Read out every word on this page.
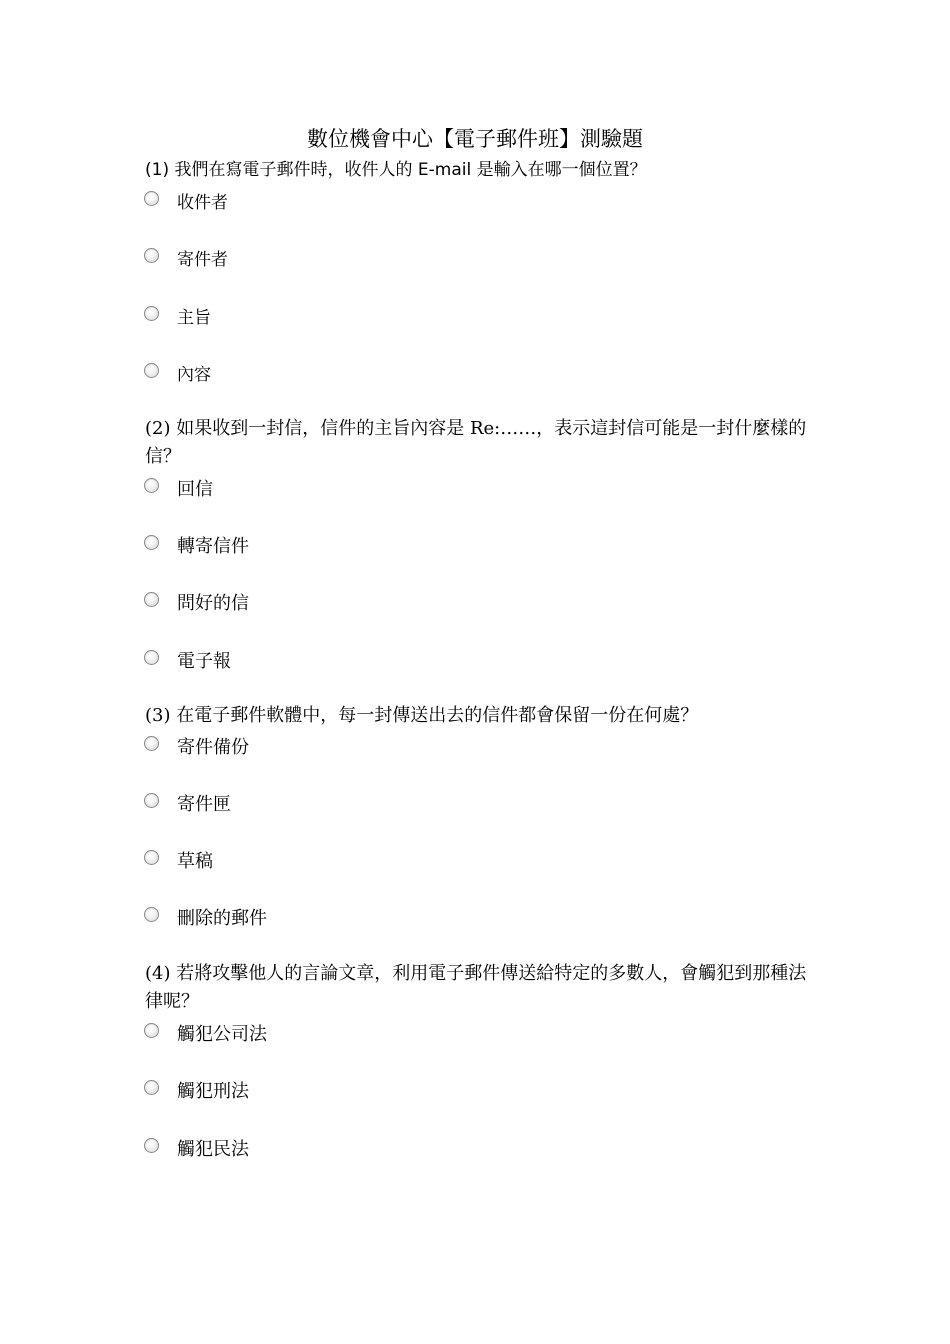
數位機會中心【電子郵件班】測驗題

(1) 我們在寫電子郵件時，收件人的 E-mail 是輸入在哪一個位置？

收件者
寄件者
主旨
內容

(2) 如果收到一封信，信件的主旨內容是 Re:……，表示這封信可能是一封什麼樣的信？

回信
轉寄信件
問好的信
電子報

(3) 在電子郵件軟體中，每一封傳送出去的信件都會保留一份在何處？

寄件備份
寄件匣
草稿
刪除的郵件

(4) 若將攻擊他人的言論文章，利用電子郵件傳送給特定的多數人，會觸犯到那種法律呢？

觸犯公司法
觸犯刑法
觸犯民法
